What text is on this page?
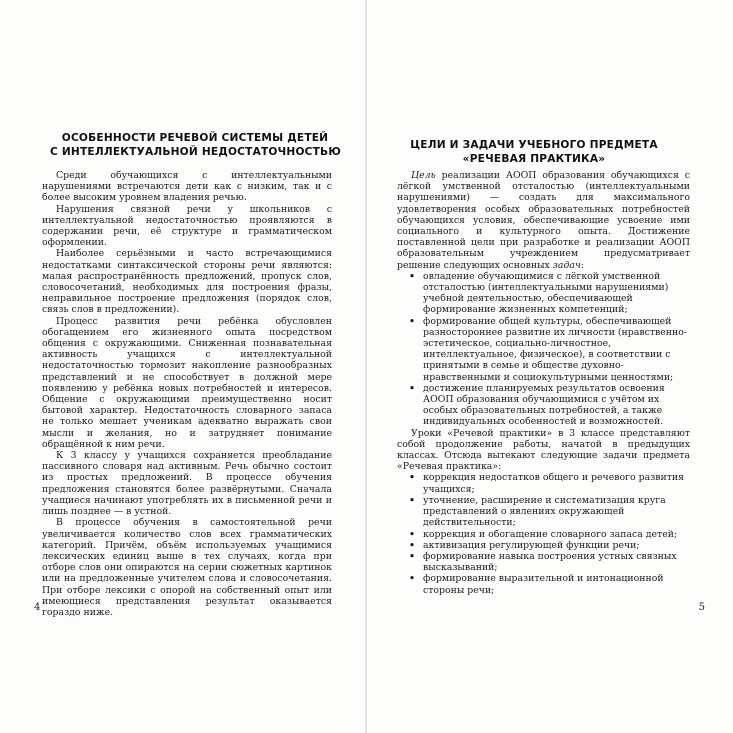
ОСОБЕННОСТИ РЕЧЕВОЙ СИСТЕМЫ ДЕТЕЙ
С ИНТЕЛЛЕКТУАЛЬНОЙ НЕДОСТАТОЧНОСТЬЮ

Среди обучающихся с интеллектуальными нарушениями встречаются дети как с низким, так и с более высоким уровнем владения речью.

Нарушения связной речи у школьников с интеллектуальной недостаточностью проявляются в содержании речи, её структуре и грамматическом оформлении.

Наиболее серьёзными и часто встречающимися недостатками синтаксической стороны речи являются: малая распространённость предложений, пропуск слов, словосочетаний, необходимых для построения фразы, неправильное построение предложения (порядок слов, связь слов в предложении).

Процесс развития речи ребёнка обусловлен обогащением его жизненного опыта посредством общения с окружающими. Сниженная познавательная активность учащихся с интеллектуальной недостаточностью тормозит накопление разнообразных представлений и не способствует в должной мере появлению у ребёнка новых потребностей и интересов. Общение с окружающими преимущественно носит бытовой характер. Недостаточность словарного запаса не только мешает ученикам адекватно выражать свои мысли и желания, но и затрудняет понимание обращённой к ним речи.

К 3 классу у учащихся сохраняется преобладание пассивного словаря над активным. Речь обычно состоит из простых предложений. В процессе обучения предложения становятся более развёрнутыми. Сначала учащиеся начинают употреблять их в письменной речи и лишь позднее — в устной.

В процессе обучения в самостоятельной речи увеличивается количество слов всех грамматических категорий. Причём, объём используемых учащимися лексических единиц выше в тех случаях, когда при отборе слов они опираются на серии сюжетных картинок или на предложенные учителем слова и словосочетания. При отборе лексики с опорой на собственный опыт или имеющиеся представления результат оказывается гораздо ниже.

4
ЦЕЛИ И ЗАДАЧИ УЧЕБНОГО ПРЕДМЕТА
«РЕЧЕВАЯ ПРАКТИКА»

Цель реализации АООП образования обучающихся с лёгкой умственной отсталостью (интеллектуальными нарушениями) — создать для максимального удовлетворения особых образовательных потребностей обучающихся условия, обеспечивающие усвоение ими социального и культурного опыта. Достижение поставленной цели при разработке и реализации АООП образовательным учреждением предусматривает решение следующих основных задач:

• овладение обучающимися с лёгкой умственной отсталостью (интеллектуальными нарушениями) учебной деятельностью, обеспечивающей формирование жизненных компетенций;
• формирование общей культуры, обеспечивающей разностороннее развитие их личности (нравственно-эстетическое, социально-личностное, интеллектуальное, физическое), в соответствии с принятыми в семье и обществе духовно-нравственными и социокультурными ценностями;
• достижение планируемых результатов освоения АООП образования обучающимися с учётом их особых образовательных потребностей, а также индивидуальных особенностей и возможностей.

Уроки «Речевой практики» в 3 классе представляют собой продолжение работы, начатой в предыдущих классах. Отсюда вытекают следующие задачи предмета «Речевая практика»:

• коррекция недостатков общего и речевого развития учащихся;
• уточнение, расширение и систематизация круга представлений о явлениях окружающей действительности;
• коррекция и обогащение словарного запаса детей;
• активизация регулирующей функции речи;
• формирование навыка построения устных связных высказываний;
• формирование выразительной и интонационной стороны речи;
5
